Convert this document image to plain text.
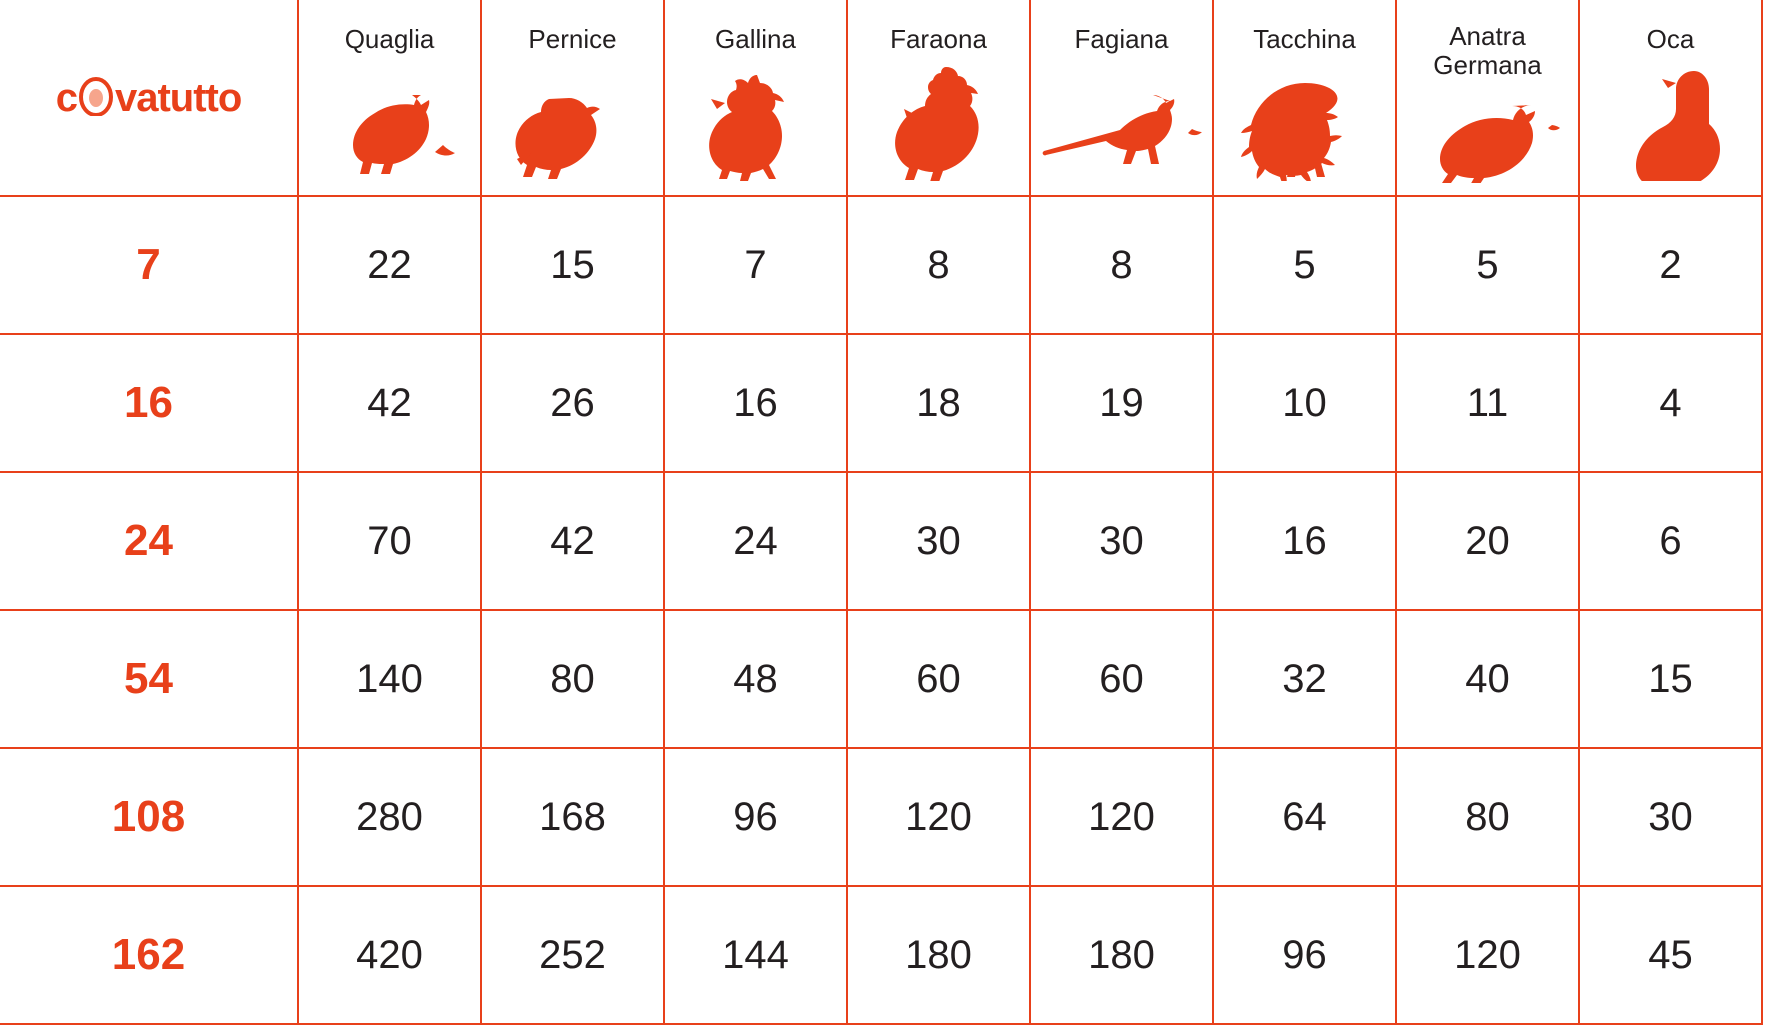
c vatutto	Quaglia	Pernice	Gallina	Faraona	Fagiana	Tacchina	Anatra Germana	Oca

7	22	15	7	8	8	5	5	2
16	42	26	16	18	19	10	11	4
24	70	42	24	30	30	16	20	6
54	140	80	48	60	60	32	40	15
108	280	168	96	120	120	64	80	30
162	420	252	144	180	180	96	120	45
